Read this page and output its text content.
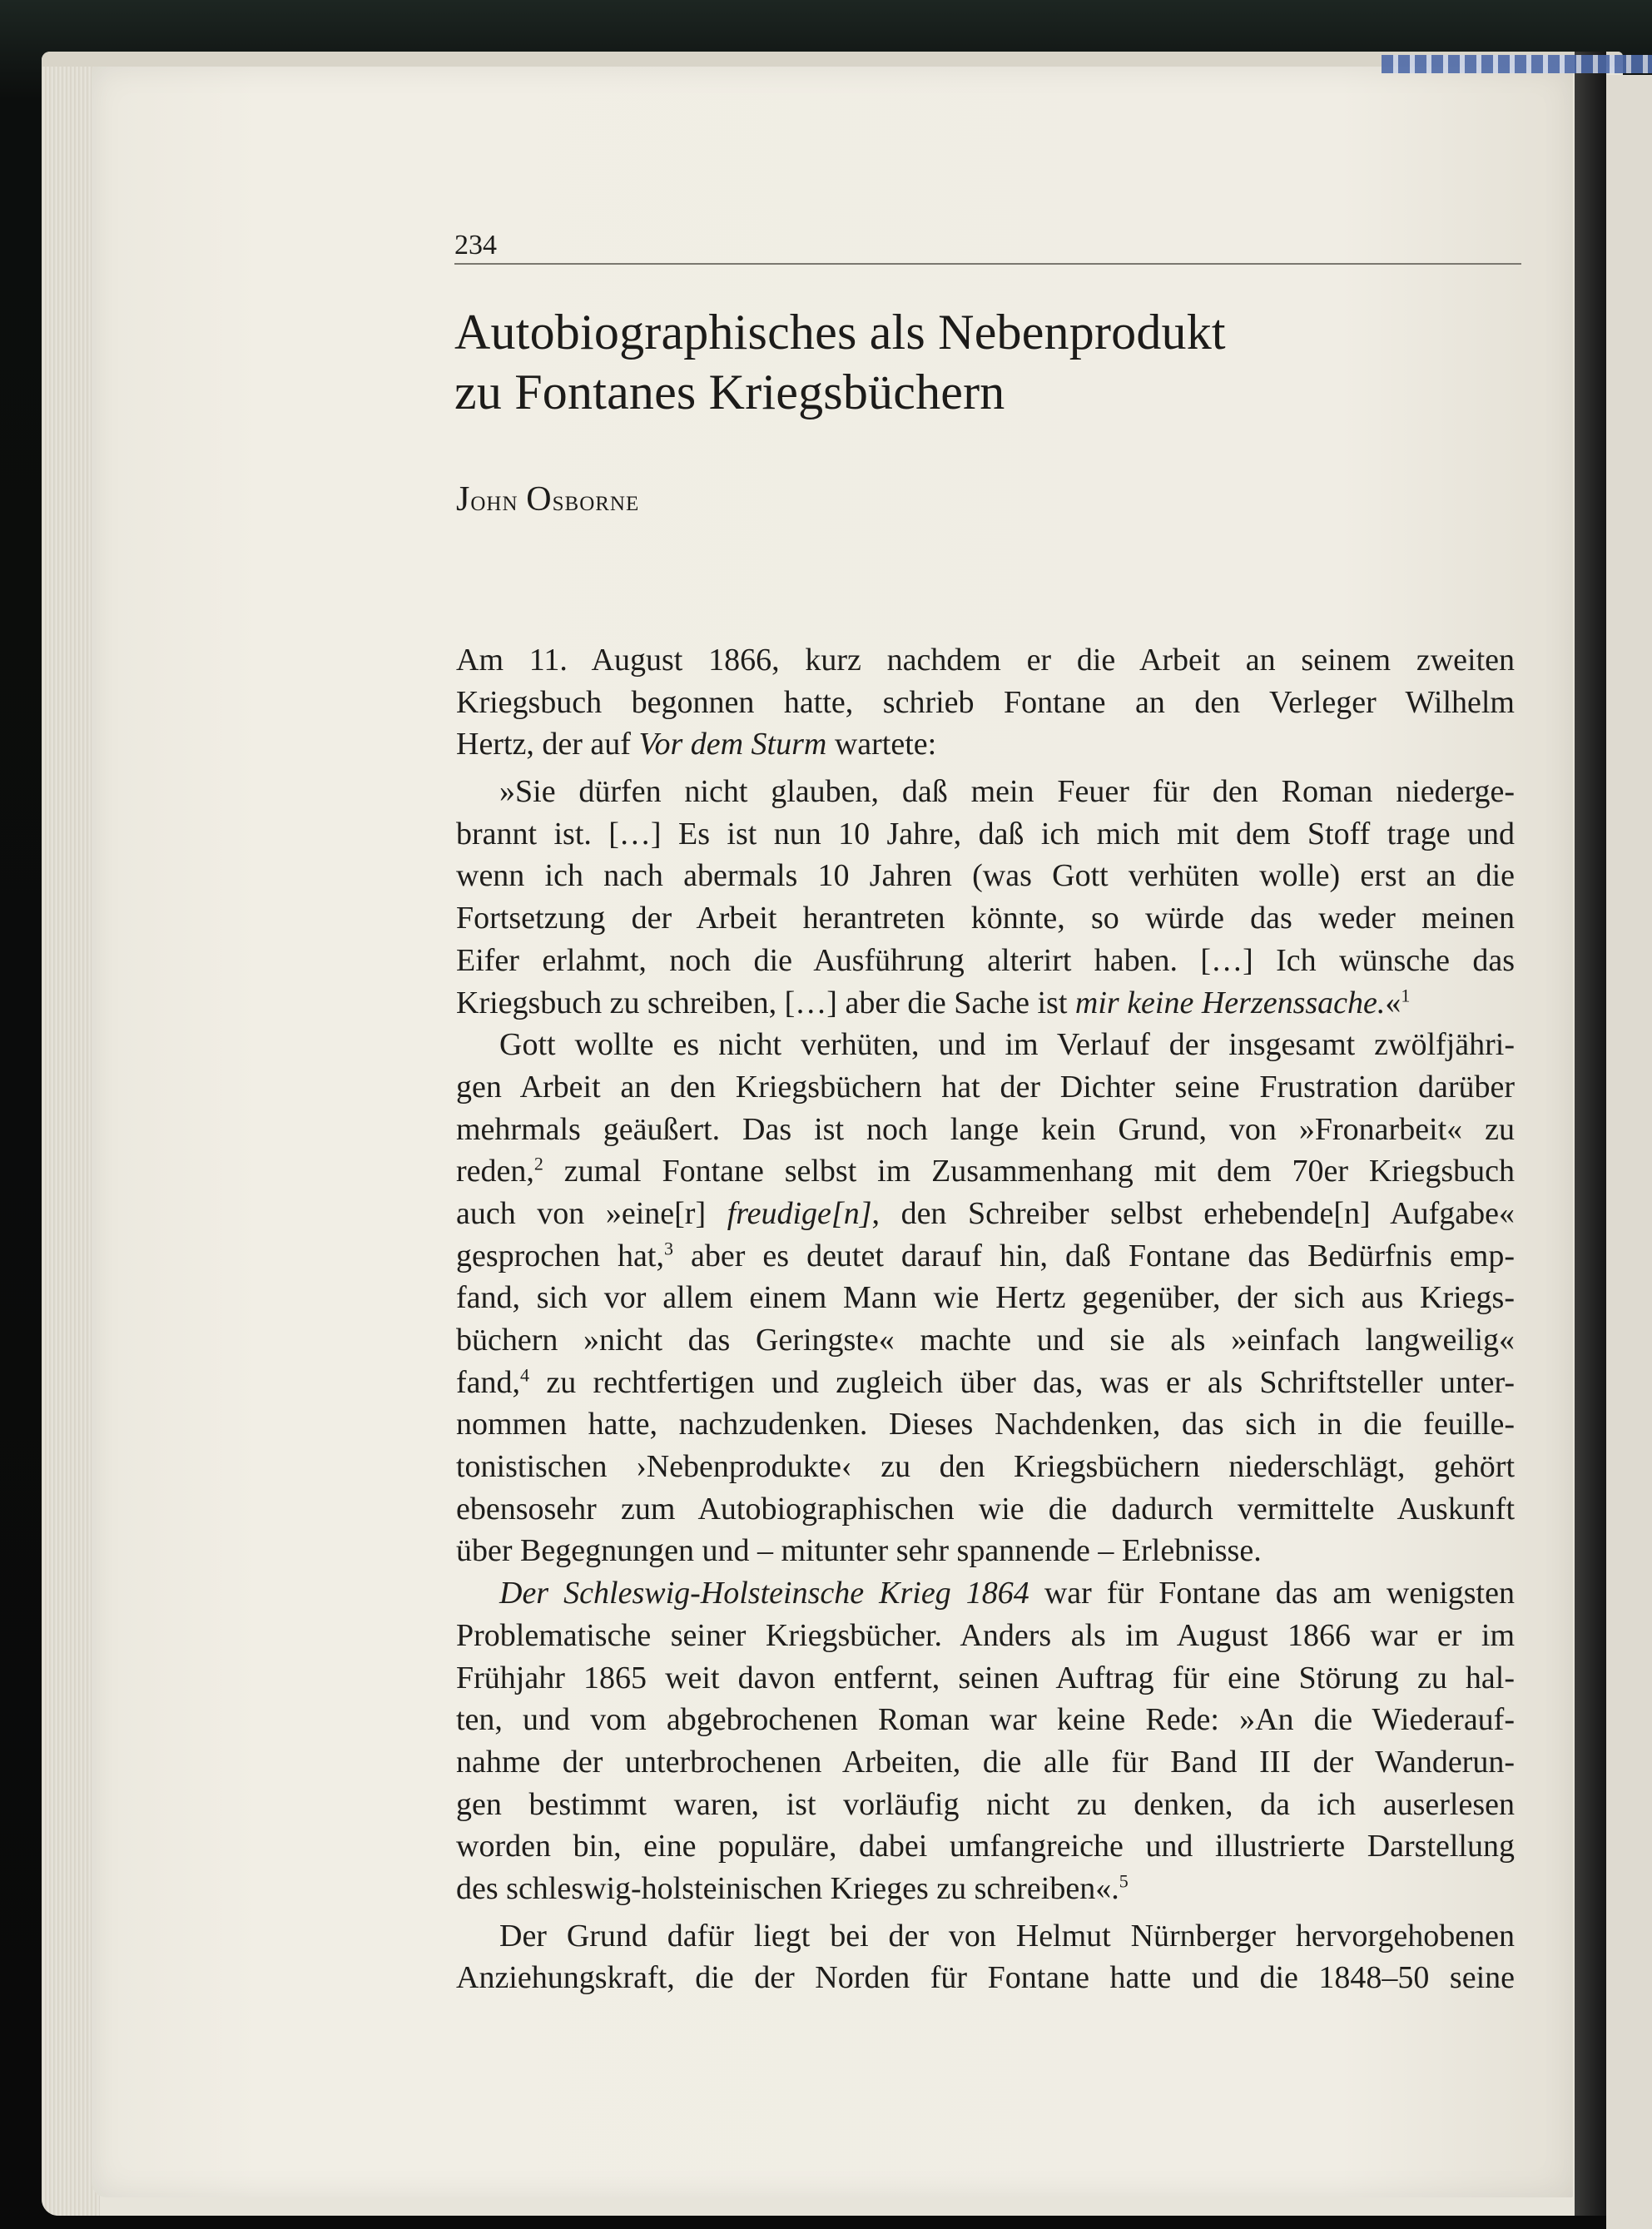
234
Autobiographisches als Nebenprodukt
zu Fontanes Kriegsbüchern
John Osborne
Am 11. August 1866, kurz nachdem er die Arbeit an seinem zweiten
Kriegsbuch begonnen hatte, schrieb Fontane an den Verleger Wilhelm
Hertz, der auf Vor dem Sturm wartete:
»Sie dürfen nicht glauben, daß mein Feuer für den Roman niederge-
brannt ist. […] Es ist nun 10 Jahre, daß ich mich mit dem Stoff trage und
wenn ich nach abermals 10 Jahren (was Gott verhüten wolle) erst an die
Fortsetzung der Arbeit herantreten könnte, so würde das weder meinen
Eifer erlahmt, noch die Ausführung alterirt haben. […] Ich wünsche das
Kriegsbuch zu schreiben, […] aber die Sache ist mir keine Herzenssache.«$^1$
Gott wollte es nicht verhüten, und im Verlauf der insgesamt zwölfjähri-
gen Arbeit an den Kriegsbüchern hat der Dichter seine Frustration darüber
mehrmals geäußert. Das ist noch lange kein Grund, von »Fronarbeit« zu
reden,$^2$ zumal Fontane selbst im Zusammenhang mit dem 70er Kriegsbuch
auch von »eine[r] freudige[n], den Schreiber selbst erhebende[n] Aufgabe«
gesprochen hat,$^3$ aber es deutet darauf hin, daß Fontane das Bedürfnis emp-
fand, sich vor allem einem Mann wie Hertz gegenüber, der sich aus Kriegs-
büchern »nicht das Geringste« machte und sie als »einfach langweilig«
fand,$^4$ zu rechtfertigen und zugleich über das, was er als Schriftsteller unter-
nommen hatte, nachzudenken. Dieses Nachdenken, das sich in die feuille-
tonistischen ›Nebenprodukte‹ zu den Kriegsbüchern niederschlägt, gehört
ebensosehr zum Autobiographischen wie die dadurch vermittelte Auskunft
über Begegnungen und – mitunter sehr spannende – Erlebnisse.
Der Schleswig-Holsteinsche Krieg 1864 war für Fontane das am wenigsten
Problematische seiner Kriegsbücher. Anders als im August 1866 war er im
Frühjahr 1865 weit davon entfernt, seinen Auftrag für eine Störung zu hal-
ten, und vom abgebrochenen Roman war keine Rede: »An die Wiederauf-
nahme der unterbrochenen Arbeiten, die alle für Band III der Wanderun-
gen bestimmt waren, ist vorläufig nicht zu denken, da ich auserlesen
worden bin, eine populäre, dabei umfangreiche und illustrierte Darstellung
des schleswig-holsteinischen Krieges zu schreiben«.$^5$
Der Grund dafür liegt bei der von Helmut Nürnberger hervorgehobenen
Anziehungskraft, die der Norden für Fontane hatte und die 1848–50 seine
